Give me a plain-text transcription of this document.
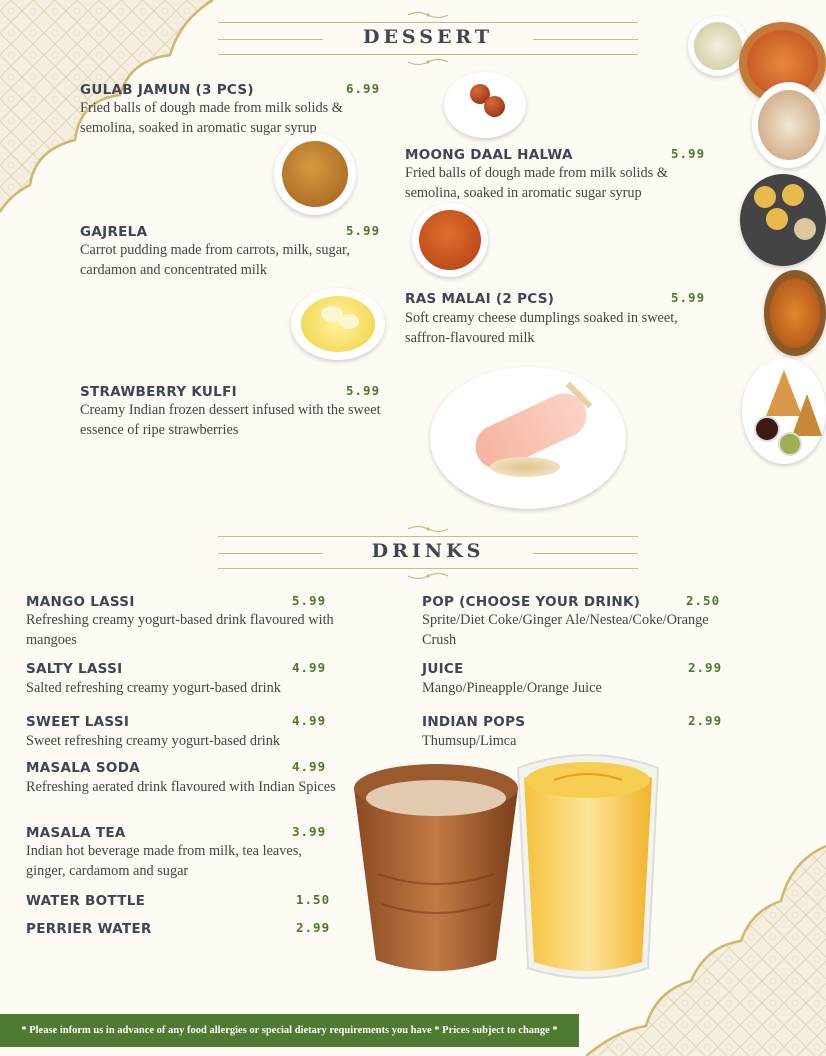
DESSERT
GULAB JAMUN (3 PCS)	6.99
Fried balls of dough made from milk solids & semolina, soaked in aromatic sugar syrup
MOONG DAAL HALWA	5.99
Fried balls of dough made from milk solids & semolina, soaked in aromatic sugar syrup
GAJRELA	5.99
Carrot pudding made from carrots, milk, sugar, cardamon and concentrated milk
RAS MALAI (2 PCS)	5.99
Soft creamy cheese dumplings soaked in sweet, saffron-flavoured milk
STRAWBERRY KULFI	5.99
Creamy Indian frozen dessert infused with the sweet essence of ripe strawberries
DRINKS
MANGO LASSI	5.99
Refreshing creamy yogurt-based drink flavoured with mangoes
SALTY LASSI	4.99
Salted refreshing creamy yogurt-based drink
SWEET LASSI	4.99
Sweet refreshing creamy yogurt-based drink
MASALA SODA	4.99
Refreshing aerated drink flavoured with Indian Spices
MASALA TEA	3.99
Indian hot beverage made from milk, tea leaves, ginger, cardamom and sugar
WATER BOTTLE	1.50
PERRIER WATER	2.99
POP (CHOOSE YOUR DRINK)	2.50
Sprite/Diet Coke/Ginger Ale/Nestea/Coke/Orange Crush
JUICE	2.99
Mango/Pineapple/Orange Juice
INDIAN POPS	2.99
Thumsup/Limca
* Please inform us in advance of any food allergies or special dietary requirements you have * Prices subject to change *
